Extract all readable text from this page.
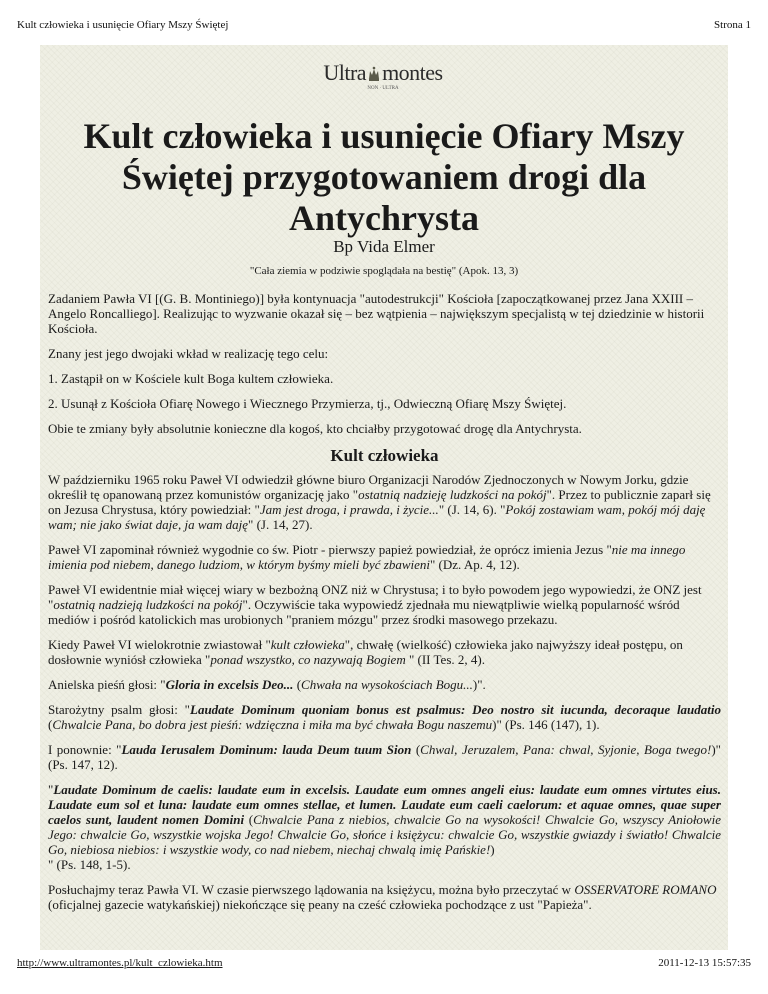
Kult człowieka i usunięcie Ofiary Mszy Świętej	Strona 1
Ultra montes
NON · ULTRA
Kult człowieka i usunięcie Ofiary Mszy Świętej przygotowaniem drogi dla Antychrysta
Bp Vida Elmer
"Cała ziemia w podziwie spoglądała na bestię" (Apok. 13, 3)

Zadaniem Pawła VI [(G. B. Montiniego)] była kontynuacja "autodestrukcji" Kościoła [zapoczątkowanej przez Jana XXIII – Angelo Roncalliego]. Realizując to wyzwanie okazał się – bez wątpienia – największym specjalistą w tej dziedzinie w historii Kościoła.

Znany jest jego dwojaki wkład w realizację tego celu:

1. Zastąpił on w Kościele kult Boga kultem człowieka.

2. Usunął z Kościoła Ofiarę Nowego i Wiecznego Przymierza, tj., Odwieczną Ofiarę Mszy Świętej.

Obie te zmiany były absolutnie konieczne dla kogoś, kto chciałby przygotować drogę dla Antychrysta.

Kult człowieka

W październiku 1965 roku Paweł VI odwiedził główne biuro Organizacji Narodów Zjednoczonych w Nowym Jorku, gdzie określił tę opanowaną przez komunistów organizację jako "ostatnią nadzieję ludzkości na pokój". Przez to publicznie zaparł się on Jezusa Chrystusa, który powiedział: "Jam jest droga, i prawda, i życie..." (J. 14, 6). "Pokój zostawiam wam, pokój mój daję wam; nie jako świat daje, ja wam daję" (J. 14, 27).

Paweł VI zapominał również wygodnie co św. Piotr - pierwszy papież powiedział, że oprócz imienia Jezus "nie ma innego imienia pod niebem, danego ludziom, w którym byśmy mieli być zbawieni" (Dz. Ap. 4, 12).

Paweł VI ewidentnie miał więcej wiary w bezbożną ONZ niż w Chrystusa; i to było powodem jego wypowiedzi, że ONZ jest "ostatnią nadzieją ludzkości na pokój". Oczywiście taka wypowiedź zjednała mu niewątpliwie wielką popularność wśród mediów i pośród katolickich mas urobionych "praniem mózgu" przez środki masowego przekazu.

Kiedy Paweł VI wielokrotnie zwiastował "kult człowieka", chwałę (wielkość) człowieka jako najwyższy ideał postępu, on dosłownie wyniósł człowieka "ponad wszystko, co nazywają Bogiem " (II Tes. 2, 4).

Anielska pieśń głosi: "Gloria in excelsis Deo... (Chwała na wysokościach Bogu...)".

Starożytny psalm głosi: "Laudate Dominum quoniam bonus est psalmus: Deo nostro sit iucunda, decoraque laudatio (Chwalcie Pana, bo dobra jest pieśń: wdzięczna i miła ma być chwała Bogu naszemu)" (Ps. 146 (147), 1).

I ponownie: "Lauda Ierusalem Dominum: lauda Deum tuum Sion (Chwal, Jeruzalem, Pana: chwal, Syjonie, Boga twego!)" (Ps. 147, 12).

"Laudate Dominum de caelis: laudate eum in excelsis. Laudate eum omnes angeli eius: laudate eum omnes virtutes eius. Laudate eum sol et luna: laudate eum omnes stellae, et lumen. Laudate eum caeli caelorum: et aquae omnes, quae super caelos sunt, laudent nomen Domini (Chwalcie Pana z niebios, chwalcie Go na wysokości! Chwalcie Go, wszyscy Aniołowie Jego: chwalcie Go, wszystkie wojska Jego! Chwalcie Go, słońce i księżycu: chwalcie Go, wszystkie gwiazdy i światło! Chwalcie Go, niebiosa niebios: i wszystkie wody, co nad niebem, niechaj chwalą imię Pańskie!)
" (Ps. 148, 1-5).

Posłuchajmy teraz Pawła VI. W czasie pierwszego lądowania na księżycu, można było przeczytać w OSSERVATORE ROMANO (oficjalnej gazecie watykańskiej) niekończące się peany na cześć człowieka pochodzące z ust "Papieża".

http://www.ultramontes.pl/kult_czlowieka.htm	2011-12-13 15:57:35
